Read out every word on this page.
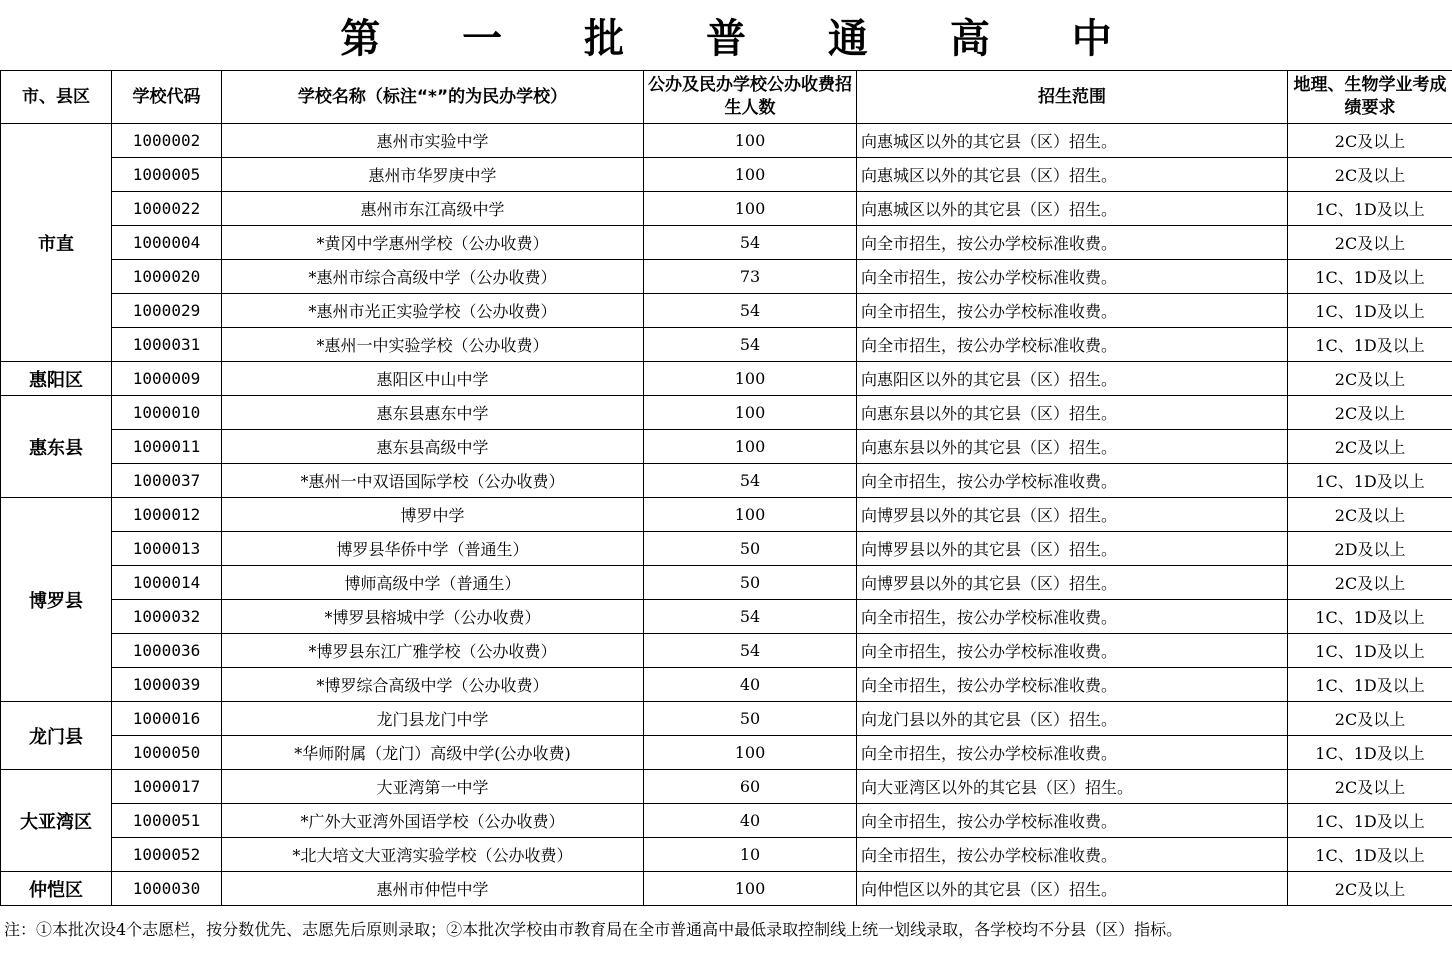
第 一 批 普 通 高 中
市、县区	学校代码	学校名称（标注“*”的为民办学校）	公办及民办学校公办收费招生人数	招生范围	地理、生物学业考成绩要求
市直	1000002	惠州市实验中学	100	向惠城区以外的其它县（区）招生。	2C及以上
	1000005	惠州市华罗庚中学	100	向惠城区以外的其它县（区）招生。	2C及以上
	1000022	惠州市东江高级中学	100	向惠城区以外的其它县（区）招生。	1C、1D及以上
	1000004	*黄冈中学惠州学校（公办收费）	54	向全市招生，按公办学校标准收费。	2C及以上
	1000020	*惠州市综合高级中学（公办收费）	73	向全市招生，按公办学校标准收费。	1C、1D及以上
	1000029	*惠州市光正实验学校（公办收费）	54	向全市招生，按公办学校标准收费。	1C、1D及以上
	1000031	*惠州一中实验学校（公办收费）	54	向全市招生，按公办学校标准收费。	1C、1D及以上
惠阳区	1000009	惠阳区中山中学	100	向惠阳区以外的其它县（区）招生。	2C及以上
惠东县	1000010	惠东县惠东中学	100	向惠东县以外的其它县（区）招生。	2C及以上
	1000011	惠东县高级中学	100	向惠东县以外的其它县（区）招生。	2C及以上
	1000037	*惠州一中双语国际学校（公办收费）	54	向全市招生，按公办学校标准收费。	1C、1D及以上
博罗县	1000012	博罗中学	100	向博罗县以外的其它县（区）招生。	2C及以上
	1000013	博罗县华侨中学（普通生）	50	向博罗县以外的其它县（区）招生。	2D及以上
	1000014	博师高级中学（普通生）	50	向博罗县以外的其它县（区）招生。	2C及以上
	1000032	*博罗县榕城中学（公办收费）	54	向全市招生，按公办学校标准收费。	1C、1D及以上
	1000036	*博罗县东江广雅学校（公办收费）	54	向全市招生，按公办学校标准收费。	1C、1D及以上
	1000039	*博罗综合高级中学（公办收费）	40	向全市招生，按公办学校标准收费。	1C、1D及以上
龙门县	1000016	龙门县龙门中学	50	向龙门县以外的其它县（区）招生。	2C及以上
	1000050	*华师附属（龙门）高级中学(公办收费)	100	向全市招生，按公办学校标准收费。	1C、1D及以上
大亚湾区	1000017	大亚湾第一中学	60	向大亚湾区以外的其它县（区）招生。	2C及以上
	1000051	*广外大亚湾外国语学校（公办收费）	40	向全市招生，按公办学校标准收费。	1C、1D及以上
	1000052	*北大培文大亚湾实验学校（公办收费）	10	向全市招生，按公办学校标准收费。	1C、1D及以上
仲恺区	1000030	惠州市仲恺中学	100	向仲恺区以外的其它县（区）招生。	2C及以上
注：①本批次设4个志愿栏，按分数优先、志愿先后原则录取；②本批次学校由市教育局在全市普通高中最低录取控制线上统一划线录取，各学校均不分县（区）指标。
